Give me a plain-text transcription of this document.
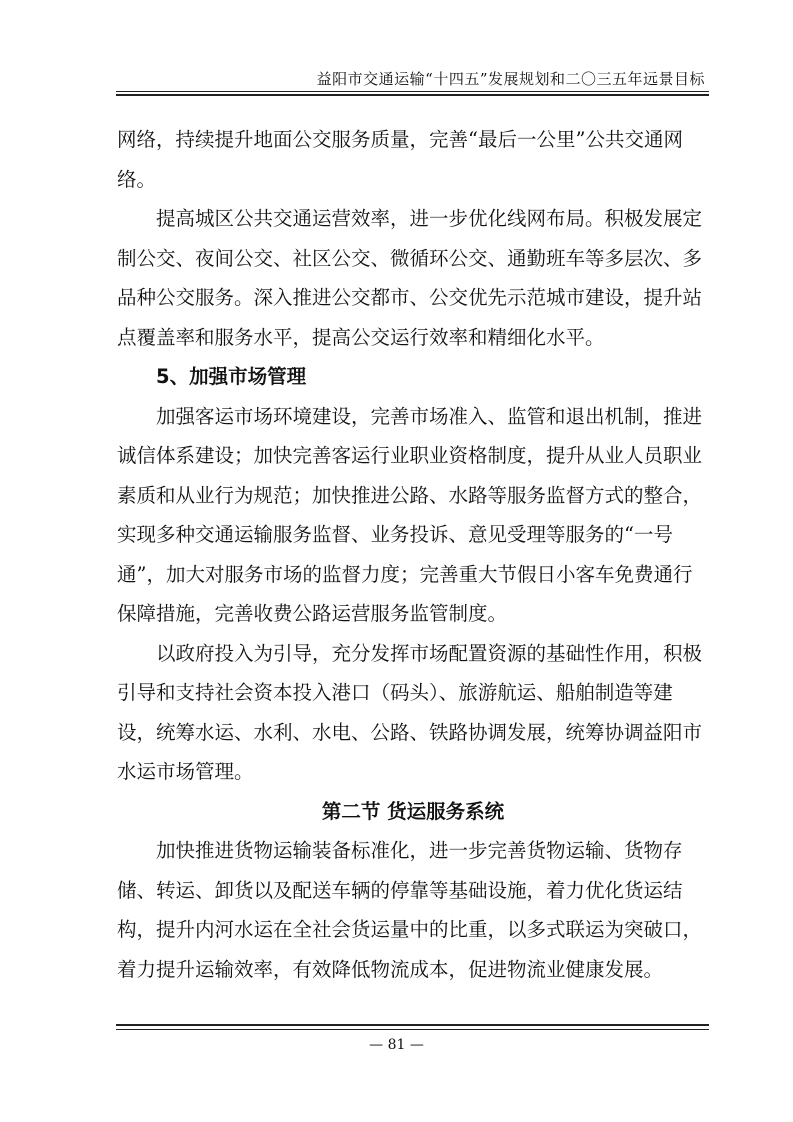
益阳市交通运输“十四五”发展规划和二〇三五年远景目标

网络，持续提升地面公交服务质量，完善“最后一公里”公共交通网络。

提高城区公共交通运营效率，进一步优化线网布局。积极发展定制公交、夜间公交、社区公交、微循环公交、通勤班车等多层次、多品种公交服务。深入推进公交都市、公交优先示范城市建设，提升站点覆盖率和服务水平，提高公交运行效率和精细化水平。

5、加强市场管理

加强客运市场环境建设，完善市场准入、监管和退出机制，推进诚信体系建设；加快完善客运行业职业资格制度，提升从业人员职业素质和从业行为规范；加快推进公路、水路等服务监督方式的整合，实现多种交通运输服务监督、业务投诉、意见受理等服务的“一号通”，加大对服务市场的监督力度；完善重大节假日小客车免费通行保障措施，完善收费公路运营服务监管制度。

以政府投入为引导，充分发挥市场配置资源的基础性作用，积极引导和支持社会资本投入港口（码头）、旅游航运、船舶制造等建设，统筹水运、水利、水电、公路、铁路协调发展，统筹协调益阳市水运市场管理。

第二节 货运服务系统

加快推进货物运输装备标准化，进一步完善货物运输、货物存储、转运、卸货以及配送车辆的停靠等基础设施，着力优化货运结构，提升内河水运在全社会货运量中的比重，以多式联运为突破口，着力提升运输效率，有效降低物流成本，促进物流业健康发展。

— 81 —
